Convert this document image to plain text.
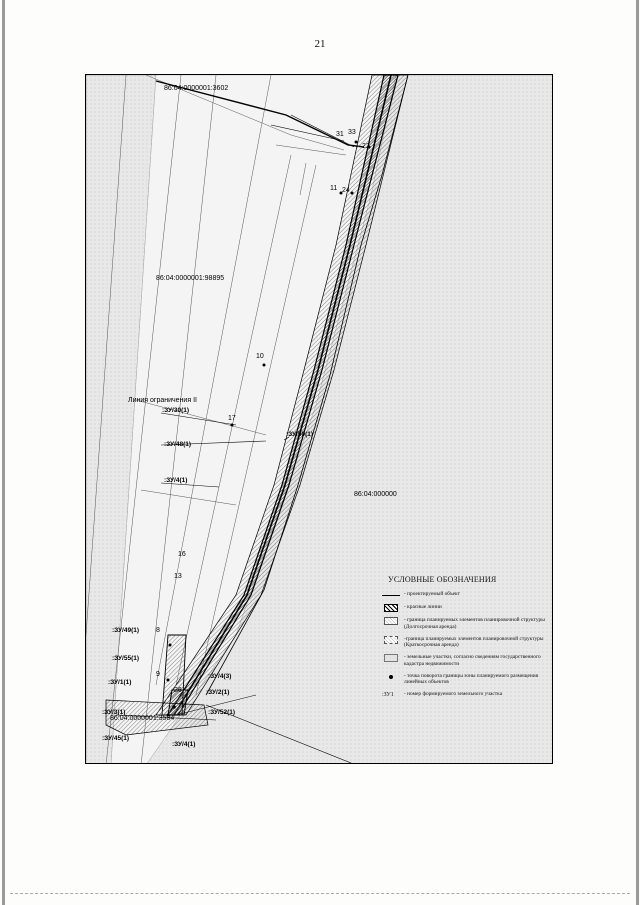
21
86:04:0000001:3602
86:04:0000001:98895
86:04:000000
86:04:0000001:3584
Линия ограничения II
31 33
22
11 24
10
17
16
13
8
9
26
:ЗУ/30(1)
:ЗУ/48(1)
:ЗУ/4(1)
:ЗУ/50(1)
:ЗУ/49(1)
:ЗУ/55(1)
:ЗУ/1(1)
:ЗУ/4(3)
:ЗУ/2(1)
:ЗУ/3(1)	:ЗУ/52(1)
:ЗУ/45(1)
:ЗУ/4(1)
УСЛОВНЫЕ ОБОЗНАЧЕНИЯ
- проектируемый объект
- красные линии
- граница планируемых элементов планировочной структуры (Долгосрочная аренда)
-граница планируемых элементов планировочной структуры (Краткосрочная аренда)
- земельные участки, согласно сведениям государственного кадастра недвижимости
- точка поворота границы зоны планируемого размещения линейных объектов
:ЗУ1	- номер формируемого земельного участка
